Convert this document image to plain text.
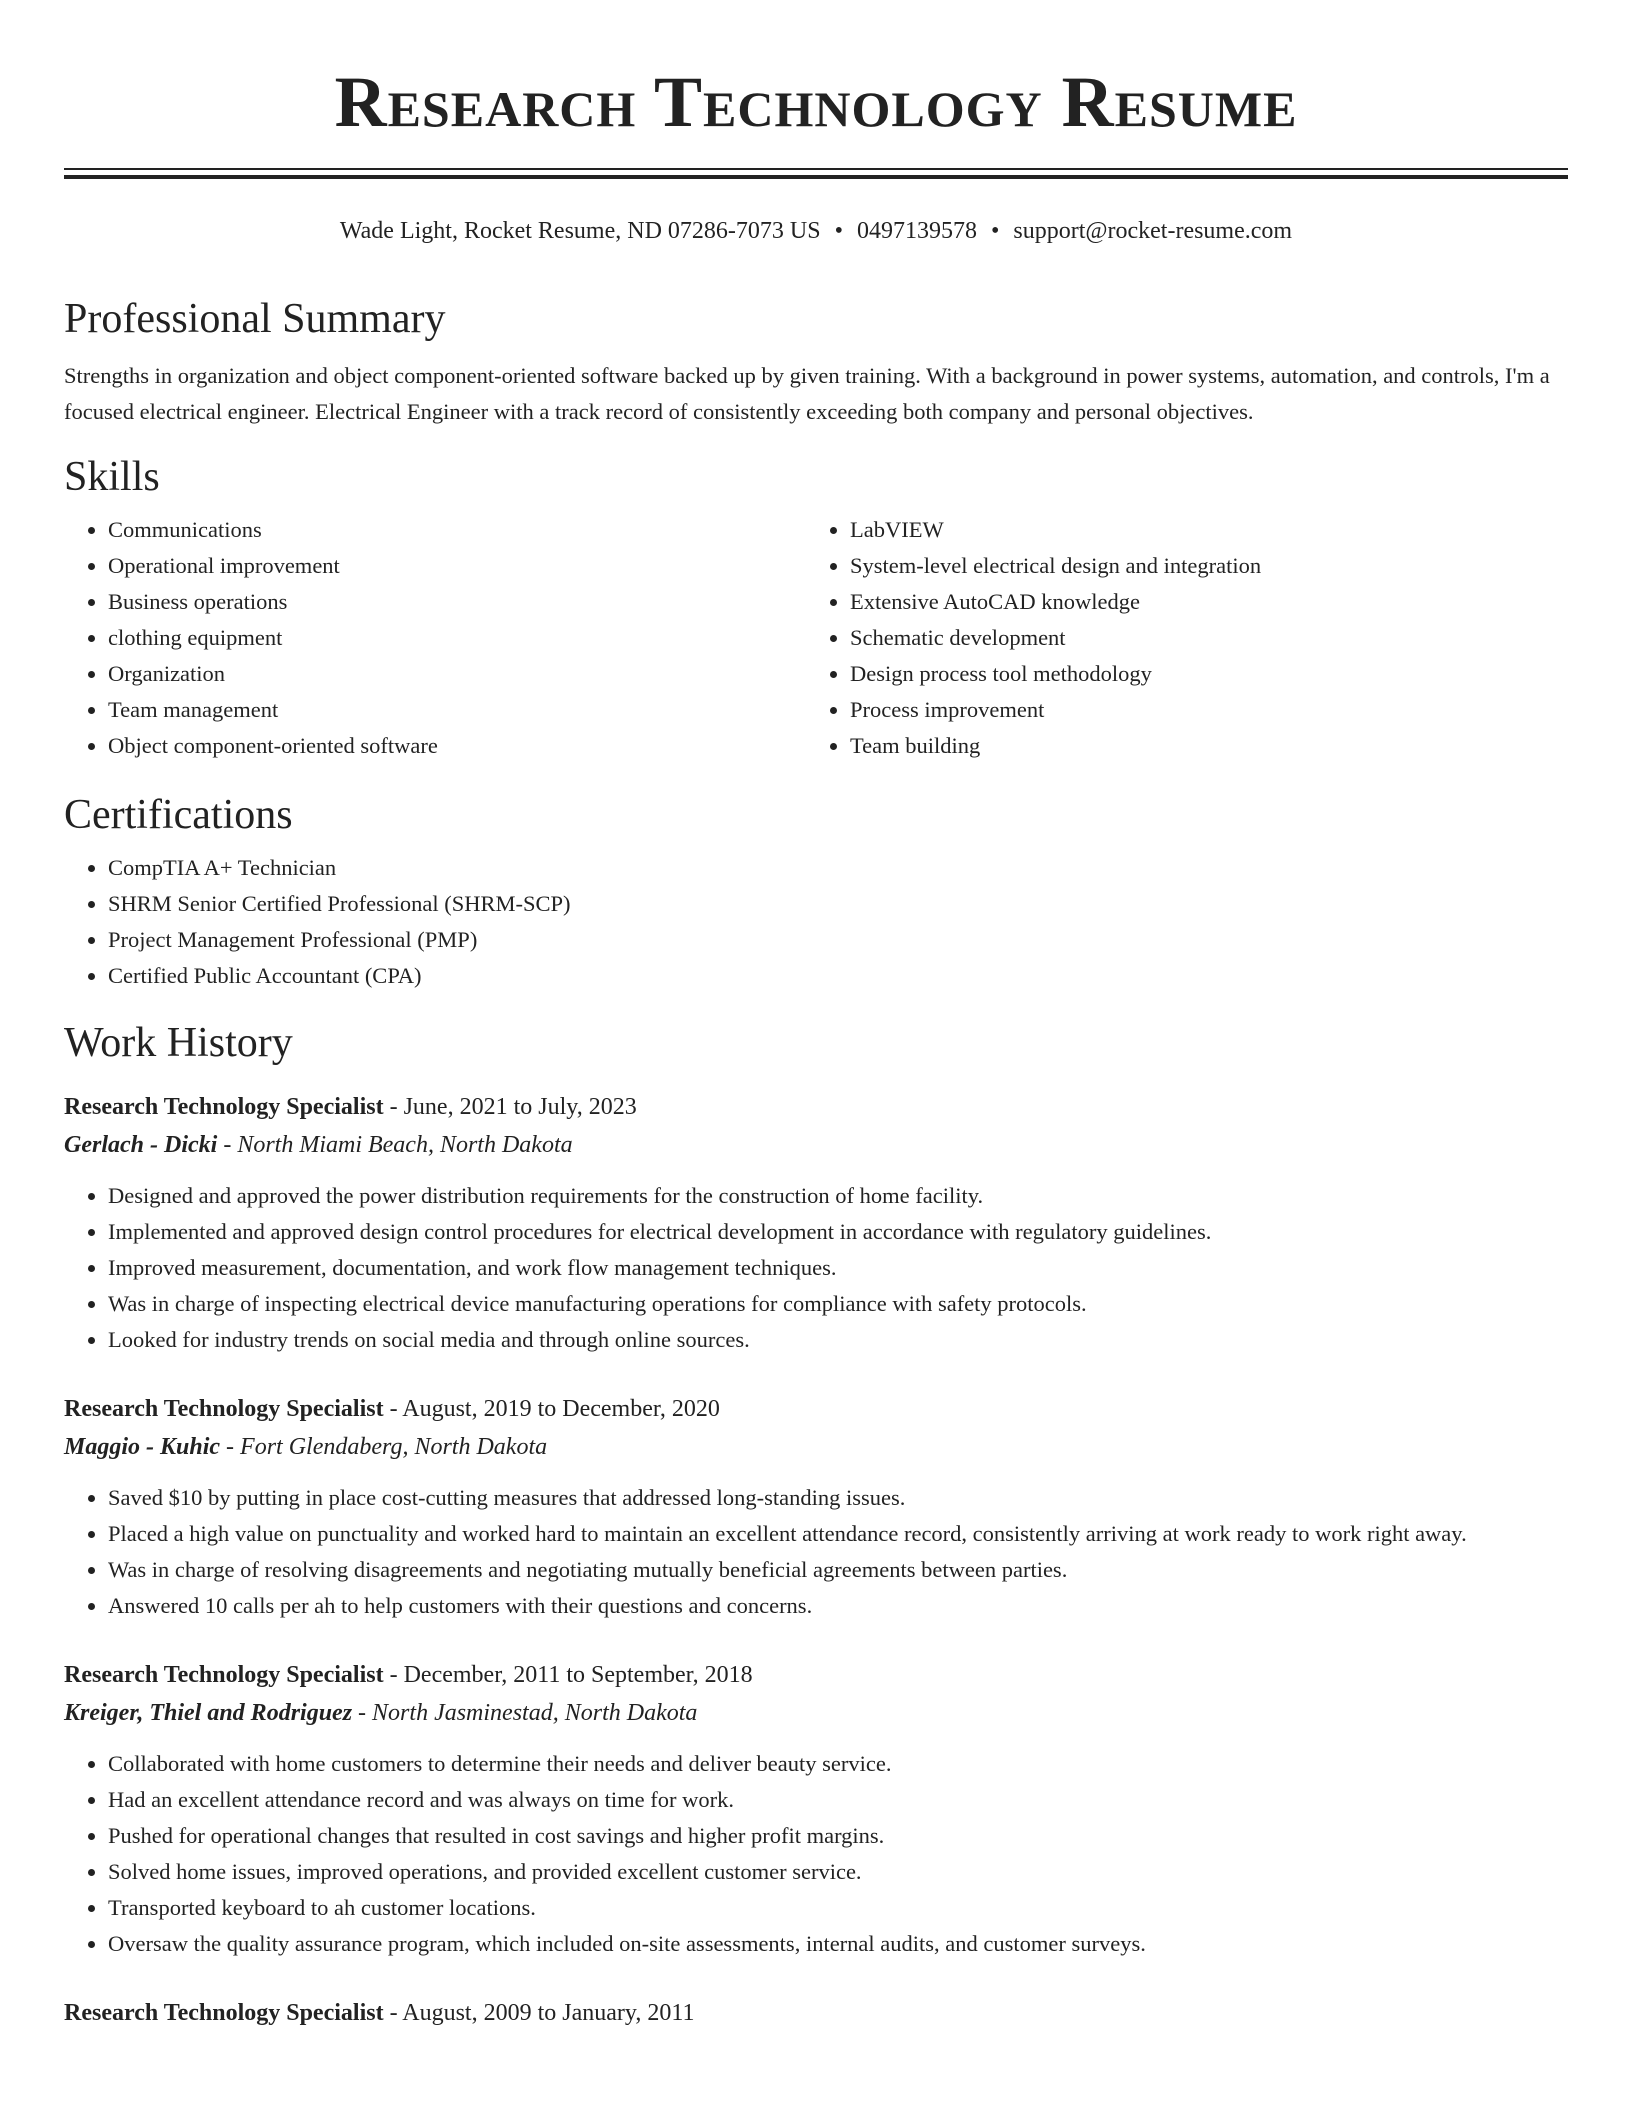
Research Technology Resume
Wade Light, Rocket Resume, ND 07286-7073 US • 0497139578 • support@rocket-resume.com
Professional Summary

Strengths in organization and object component-oriented software backed up by given training. With a background in power systems, automation, and controls, I'm a focused electrical engineer. Electrical Engineer with a track record of consistently exceeding both company and personal objectives.

Skills
• Communications
• Operational improvement
• Business operations
• clothing equipment
• Organization
• Team management
• Object component-oriented software
• LabVIEW
• System-level electrical design and integration
• Extensive AutoCAD knowledge
• Schematic development
• Design process tool methodology
• Process improvement
• Team building
Certifications
• CompTIA A+ Technician
• SHRM Senior Certified Professional (SHRM-SCP)
• Project Management Professional (PMP)
• Certified Public Accountant (CPA)
Work History
Research Technology Specialist - June, 2021 to July, 2023
Gerlach - Dicki - North Miami Beach, North Dakota
• Designed and approved the power distribution requirements for the construction of home facility.
• Implemented and approved design control procedures for electrical development in accordance with regulatory guidelines.
• Improved measurement, documentation, and work flow management techniques.
• Was in charge of inspecting electrical device manufacturing operations for compliance with safety protocols.
• Looked for industry trends on social media and through online sources.
Research Technology Specialist - August, 2019 to December, 2020
Maggio - Kuhic - Fort Glendaberg, North Dakota
• Saved $10 by putting in place cost-cutting measures that addressed long-standing issues.
• Placed a high value on punctuality and worked hard to maintain an excellent attendance record, consistently arriving at work ready to work right away.
• Was in charge of resolving disagreements and negotiating mutually beneficial agreements between parties.
• Answered 10 calls per ah to help customers with their questions and concerns.
Research Technology Specialist - December, 2011 to September, 2018
Kreiger, Thiel and Rodriguez - North Jasminestad, North Dakota
• Collaborated with home customers to determine their needs and deliver beauty service.
• Had an excellent attendance record and was always on time for work.
• Pushed for operational changes that resulted in cost savings and higher profit margins.
• Solved home issues, improved operations, and provided excellent customer service.
• Transported keyboard to ah customer locations.
• Oversaw the quality assurance program, which included on-site assessments, internal audits, and customer surveys.
Research Technology Specialist - August, 2009 to January, 2011
